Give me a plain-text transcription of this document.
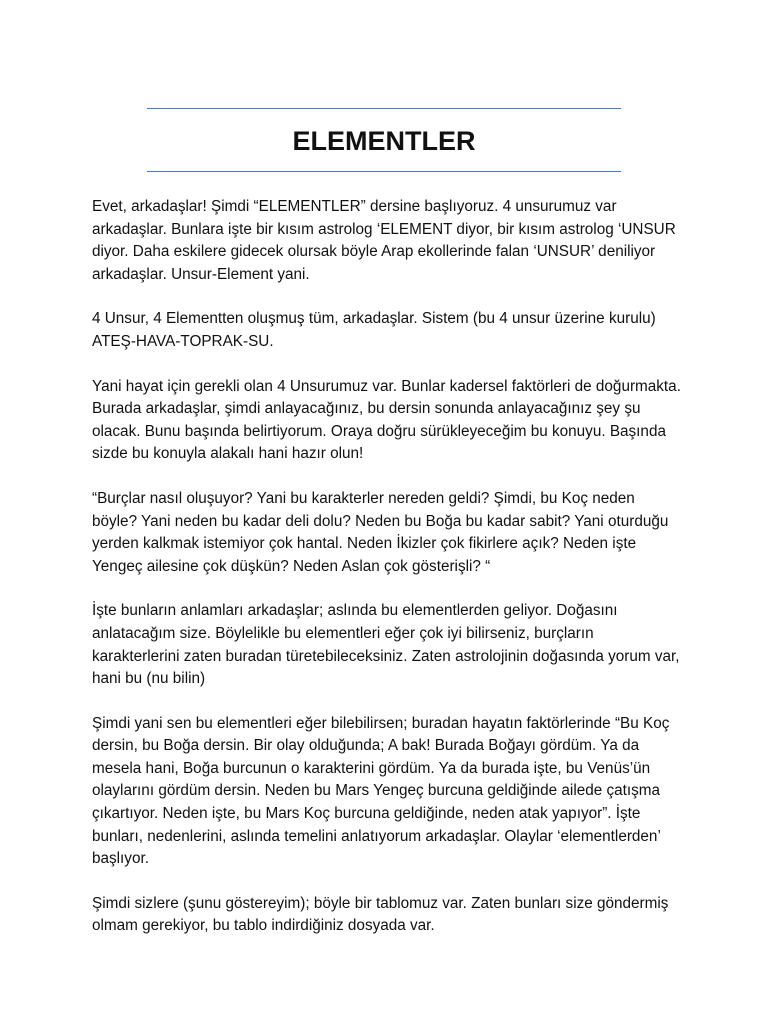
ELEMENTLER

Evet, arkadaşlar! Şimdi “ELEMENTLER” dersine başlıyoruz. 4 unsurumuz var arkadaşlar. Bunlara işte bir kısım astrolog ‘ELEMENT diyor, bir kısım astrolog ‘UNSUR diyor. Daha eskilere gidecek olursak böyle Arap ekollerinde falan ‘UNSUR’ deniliyor arkadaşlar. Unsur-Element yani.

4 Unsur, 4 Elementten oluşmuş tüm, arkadaşlar. Sistem (bu 4 unsur üzerine kurulu) ATEŞ-HAVA-TOPRAK-SU.

Yani hayat için gerekli olan 4 Unsurumuz var. Bunlar kadersel faktörleri de doğurmakta. Burada arkadaşlar, şimdi anlayacağınız, bu dersin sonunda anlayacağınız şey şu olacak. Bunu başında belirtiyorum. Oraya doğru sürükleyeceğim bu konuyu. Başında sizde bu konuyla alakalı hani hazır olun!

“Burçlar nasıl oluşuyor? Yani bu karakterler nereden geldi? Şimdi, bu Koç neden böyle? Yani neden bu kadar deli dolu? Neden bu Boğa bu kadar sabit? Yani oturduğu yerden kalkmak istemiyor çok hantal. Neden İkizler çok fikirlere açık? Neden işte Yengeç ailesine çok düşkün? Neden Aslan çok gösterişli? “

İşte bunların anlamları arkadaşlar; aslında bu elementlerden geliyor. Doğasını anlatacağım size. Böylelikle bu elementleri eğer çok iyi bilirseniz, burçların karakterlerini zaten buradan türetebileceksiniz. Zaten astrolojinin doğasında yorum var, hani bu (nu bilin)

Şimdi yani sen bu elementleri eğer bilebilirsen; buradan hayatın faktörlerinde “Bu Koç dersin, bu Boğa dersin. Bir olay olduğunda; A bak! Burada Boğayı gördüm. Ya da mesela hani, Boğa burcunun o karakterini gördüm. Ya da burada işte, bu Venüs’ün olaylarını gördüm dersin. Neden bu Mars Yengeç burcuna geldiğinde ailede çatışma çıkartıyor. Neden işte, bu Mars Koç burcuna geldiğinde, neden atak yapıyor”. İşte bunları, nedenlerini, aslında temelini anlatıyorum arkadaşlar. Olaylar ‘elementlerden’ başlıyor.

Şimdi sizlere (şunu göstereyim); böyle bir tablomuz var. Zaten bunları size göndermiş olmam gerekiyor, bu tablo indirdiğiniz dosyada var.
